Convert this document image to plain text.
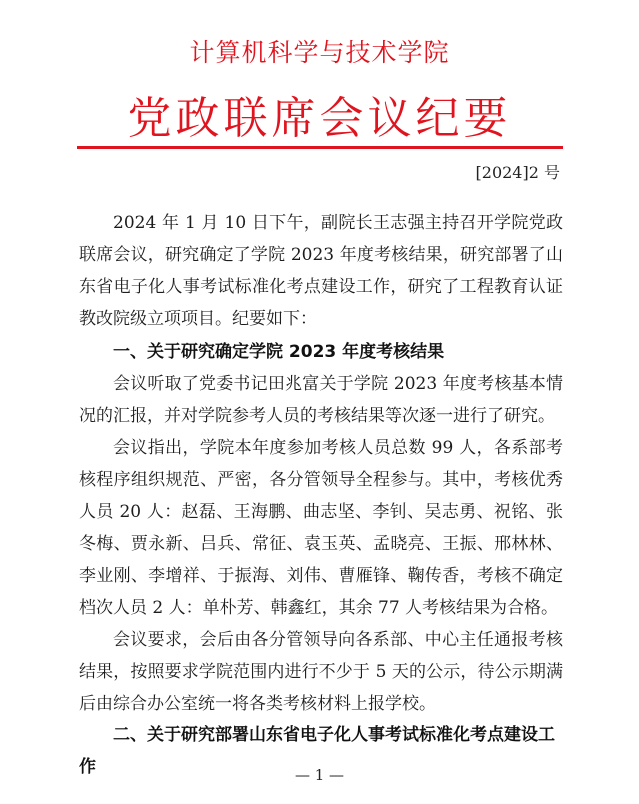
计算机科学与技术学院
党政联席会议纪要
[2024]2 号
2024 年 1 月 10 日下午，副院长王志强主持召开学院党政联席会议，研究确定了学院 2023 年度考核结果，研究部署了山东省电子化人事考试标准化考点建设工作，研究了工程教育认证教改院级立项项目。纪要如下：
一、关于研究确定学院 2023 年度考核结果
会议听取了党委书记田兆富关于学院 2023 年度考核基本情况的汇报，并对学院参考人员的考核结果等次逐一进行了研究。
会议指出，学院本年度参加考核人员总数 99 人，各系部考核程序组织规范、严密，各分管领导全程参与。其中，考核优秀人员 20 人：赵磊、王海鹏、曲志坚、李钊、吴志勇、祝铭、张冬梅、贾永新、吕兵、常征、袁玉英、孟晓亮、王振、邢林林、李业刚、李增祥、于振海、刘伟、曹雁锋、鞠传香，考核不确定档次人员 2 人：单朴芳、韩鑫红，其余 77 人考核结果为合格。
会议要求，会后由各分管领导向各系部、中心主任通报考核结果，按照要求学院范围内进行不少于 5 天的公示，待公示期满后由综合办公室统一将各类考核材料上报学校。
二、关于研究部署山东省电子化人事考试标准化考点建设工作	— 1 —
